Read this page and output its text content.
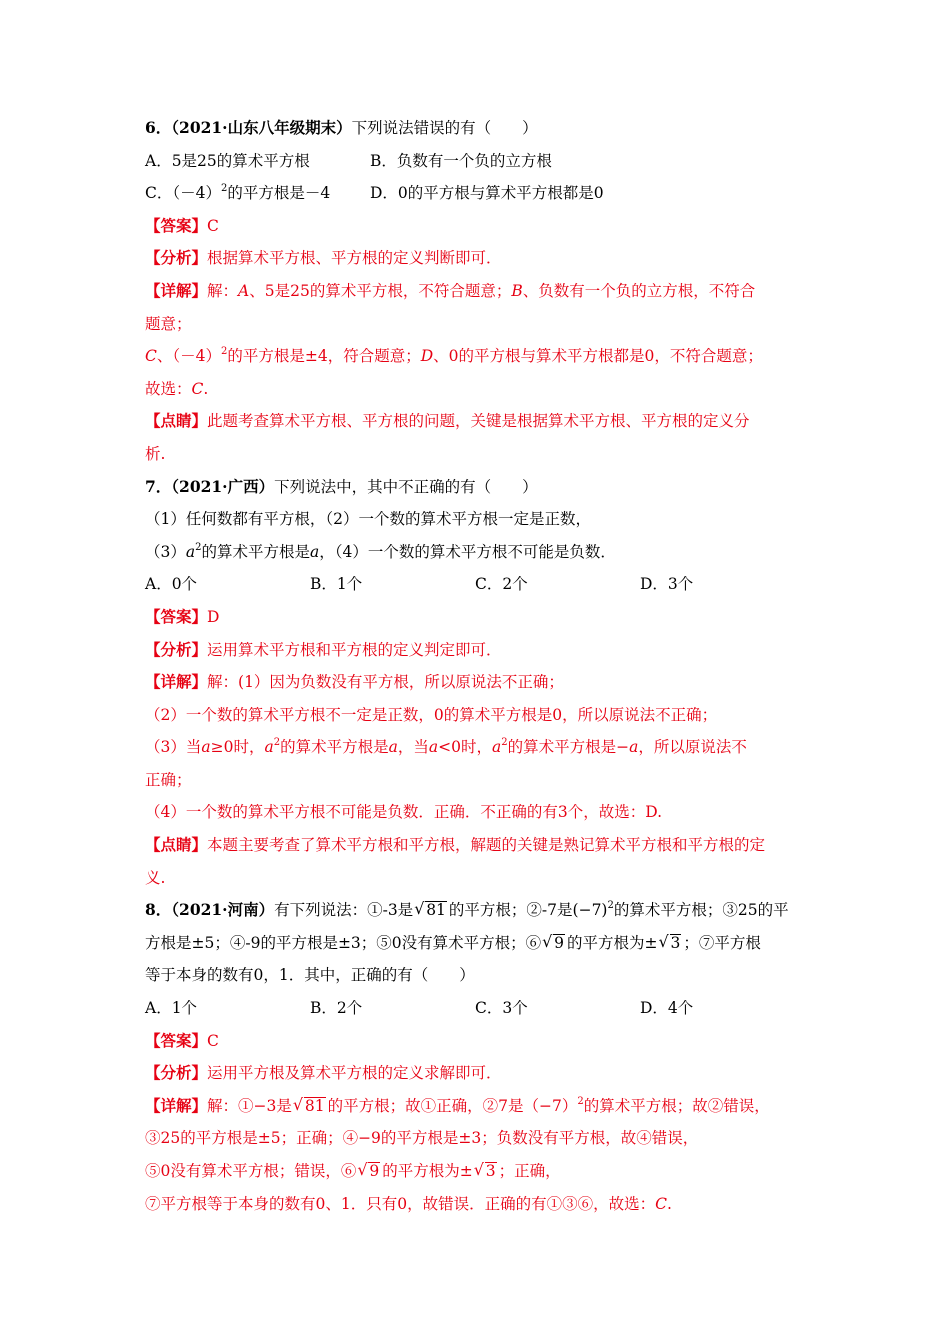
6．（2021·山东八年级期末）下列说法错误的有（　　）
A．5是25的算术平方根	B．负数有一个负的立方根
C．$(-4)^2$的平方根是－4	D．0的平方根与算术平方根都是0
【答案】C
【分析】根据算术平方根、平方根的定义判断即可．
【详解】解：A、5是25的算术平方根，不符合题意；B、负数有一个负的立方根，不符合
题意；
C、$(-4)^2$的平方根是±4，符合题意；D、0的平方根与算术平方根都是0，不符合题意；
故选：C.
【点睛】此题考查算术平方根、平方根的问题，关键是根据算术平方根、平方根的定义分
析.
7．（2021·广西）下列说法中，其中不正确的有（　　）
（1）任何数都有平方根，（2）一个数的算术平方根一定是正数，
$(3)a^2$的算术平方根是a，（4）一个数的算术平方根不可能是负数．
A．0个	B．1个	C．2个	D．3个
【答案】D
【分析】运用算术平方根和平方根的定义判定即可．
【详解】解：(1）因为负数没有平方根，所以原说法不正确；
（2）一个数的算术平方根不一定是正数，0的算术平方根是0，所以原说法不正确；
（3）当a≥0时，$a^2$的算术平方根是a，当a<0时，$a^2$的算术平方根是−a，所以原说法不
正确；
（4）一个数的算术平方根不可能是负数．正确．不正确的有3个，故选：D.
【点睛】本题主要考查了算术平方根和平方根，解题的关键是熟记算术平方根和平方根的定
义.
8．（2021·河南）有下列说法：①-3是 √ 81 的平方根；②-7是$(-7)^2$的算术平方根；③25的平
方根是±5；④-9的平方根是±3；⑤0没有算术平方根；⑥ √ 9 的平方根为± √ 3 ；⑦平方根
等于本身的数有0，1．其中，正确的有（　　）
A．1个	B．2个	C．3个	D．4个
【答案】C
【分析】运用平方根及算术平方根的定义求解即可．
【详解】解：①−3是 √ 81 的平方根；故①正确，②7是$(-7)^2$的算术平方根；故②错误，
③25的平方根是±5；正确；④−9的平方根是±3；负数没有平方根，故④错误，
⑤0没有算术平方根；错误，⑥ √ 9 的平方根为± √ 3 ；正确，
⑦平方根等于本身的数有0、1．只有0，故错误．正确的有①③⑥，故选：C.
